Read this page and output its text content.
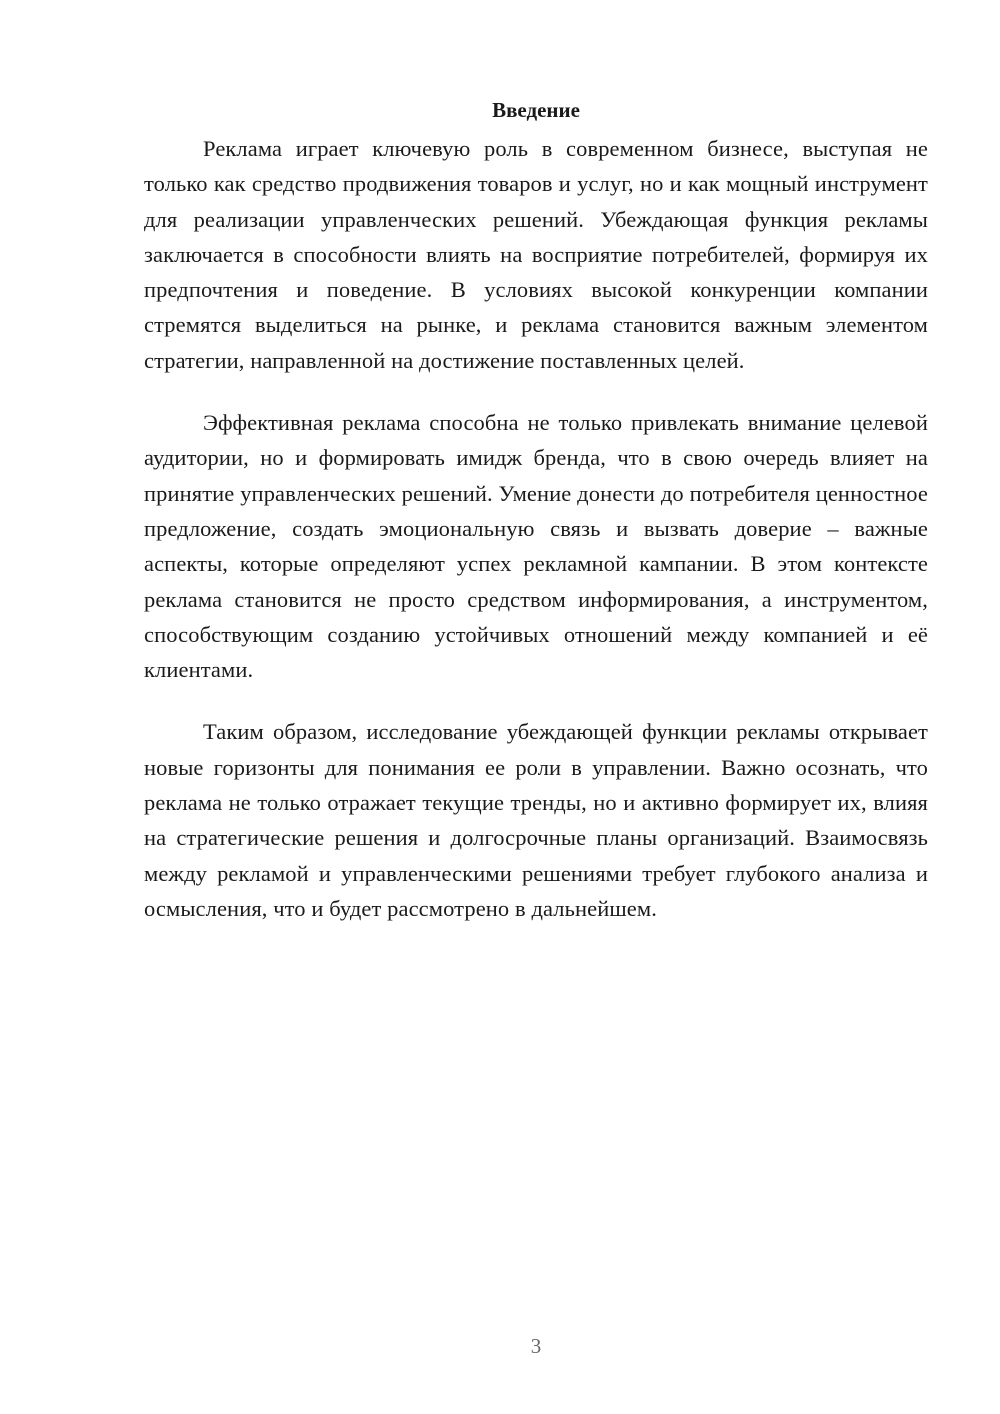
Введение

Реклама играет ключевую роль в современном бизнесе, выступая не только как средство продвижения товаров и услуг, но и как мощный инструмент для реализации управленческих решений. Убеждающая функция рекламы заключается в способности влиять на восприятие потребителей, формируя их предпочтения и поведение. В условиях высокой конкуренции компании стремятся выделиться на рынке, и реклама становится важным элементом стратегии, направленной на достижение поставленных целей.

Эффективная реклама способна не только привлекать внимание целевой аудитории, но и формировать имидж бренда, что в свою очередь влияет на принятие управленческих решений. Умение донести до потребителя ценностное предложение, создать эмоциональную связь и вызвать доверие – важные аспекты, которые определяют успех рекламной кампании. В этом контексте реклама становится не просто средством информирования, а инструментом, способствующим созданию устойчивых отношений между компанией и её клиентами.

Таким образом, исследование убеждающей функции рекламы открывает новые горизонты для понимания ее роли в управлении. Важно осознать, что реклама не только отражает текущие тренды, но и активно формирует их, влияя на стратегические решения и долгосрочные планы организаций. Взаимосвязь между рекламой и управленческими решениями требует глубокого анализа и осмысления, что и будет рассмотрено в дальнейшем.

3
